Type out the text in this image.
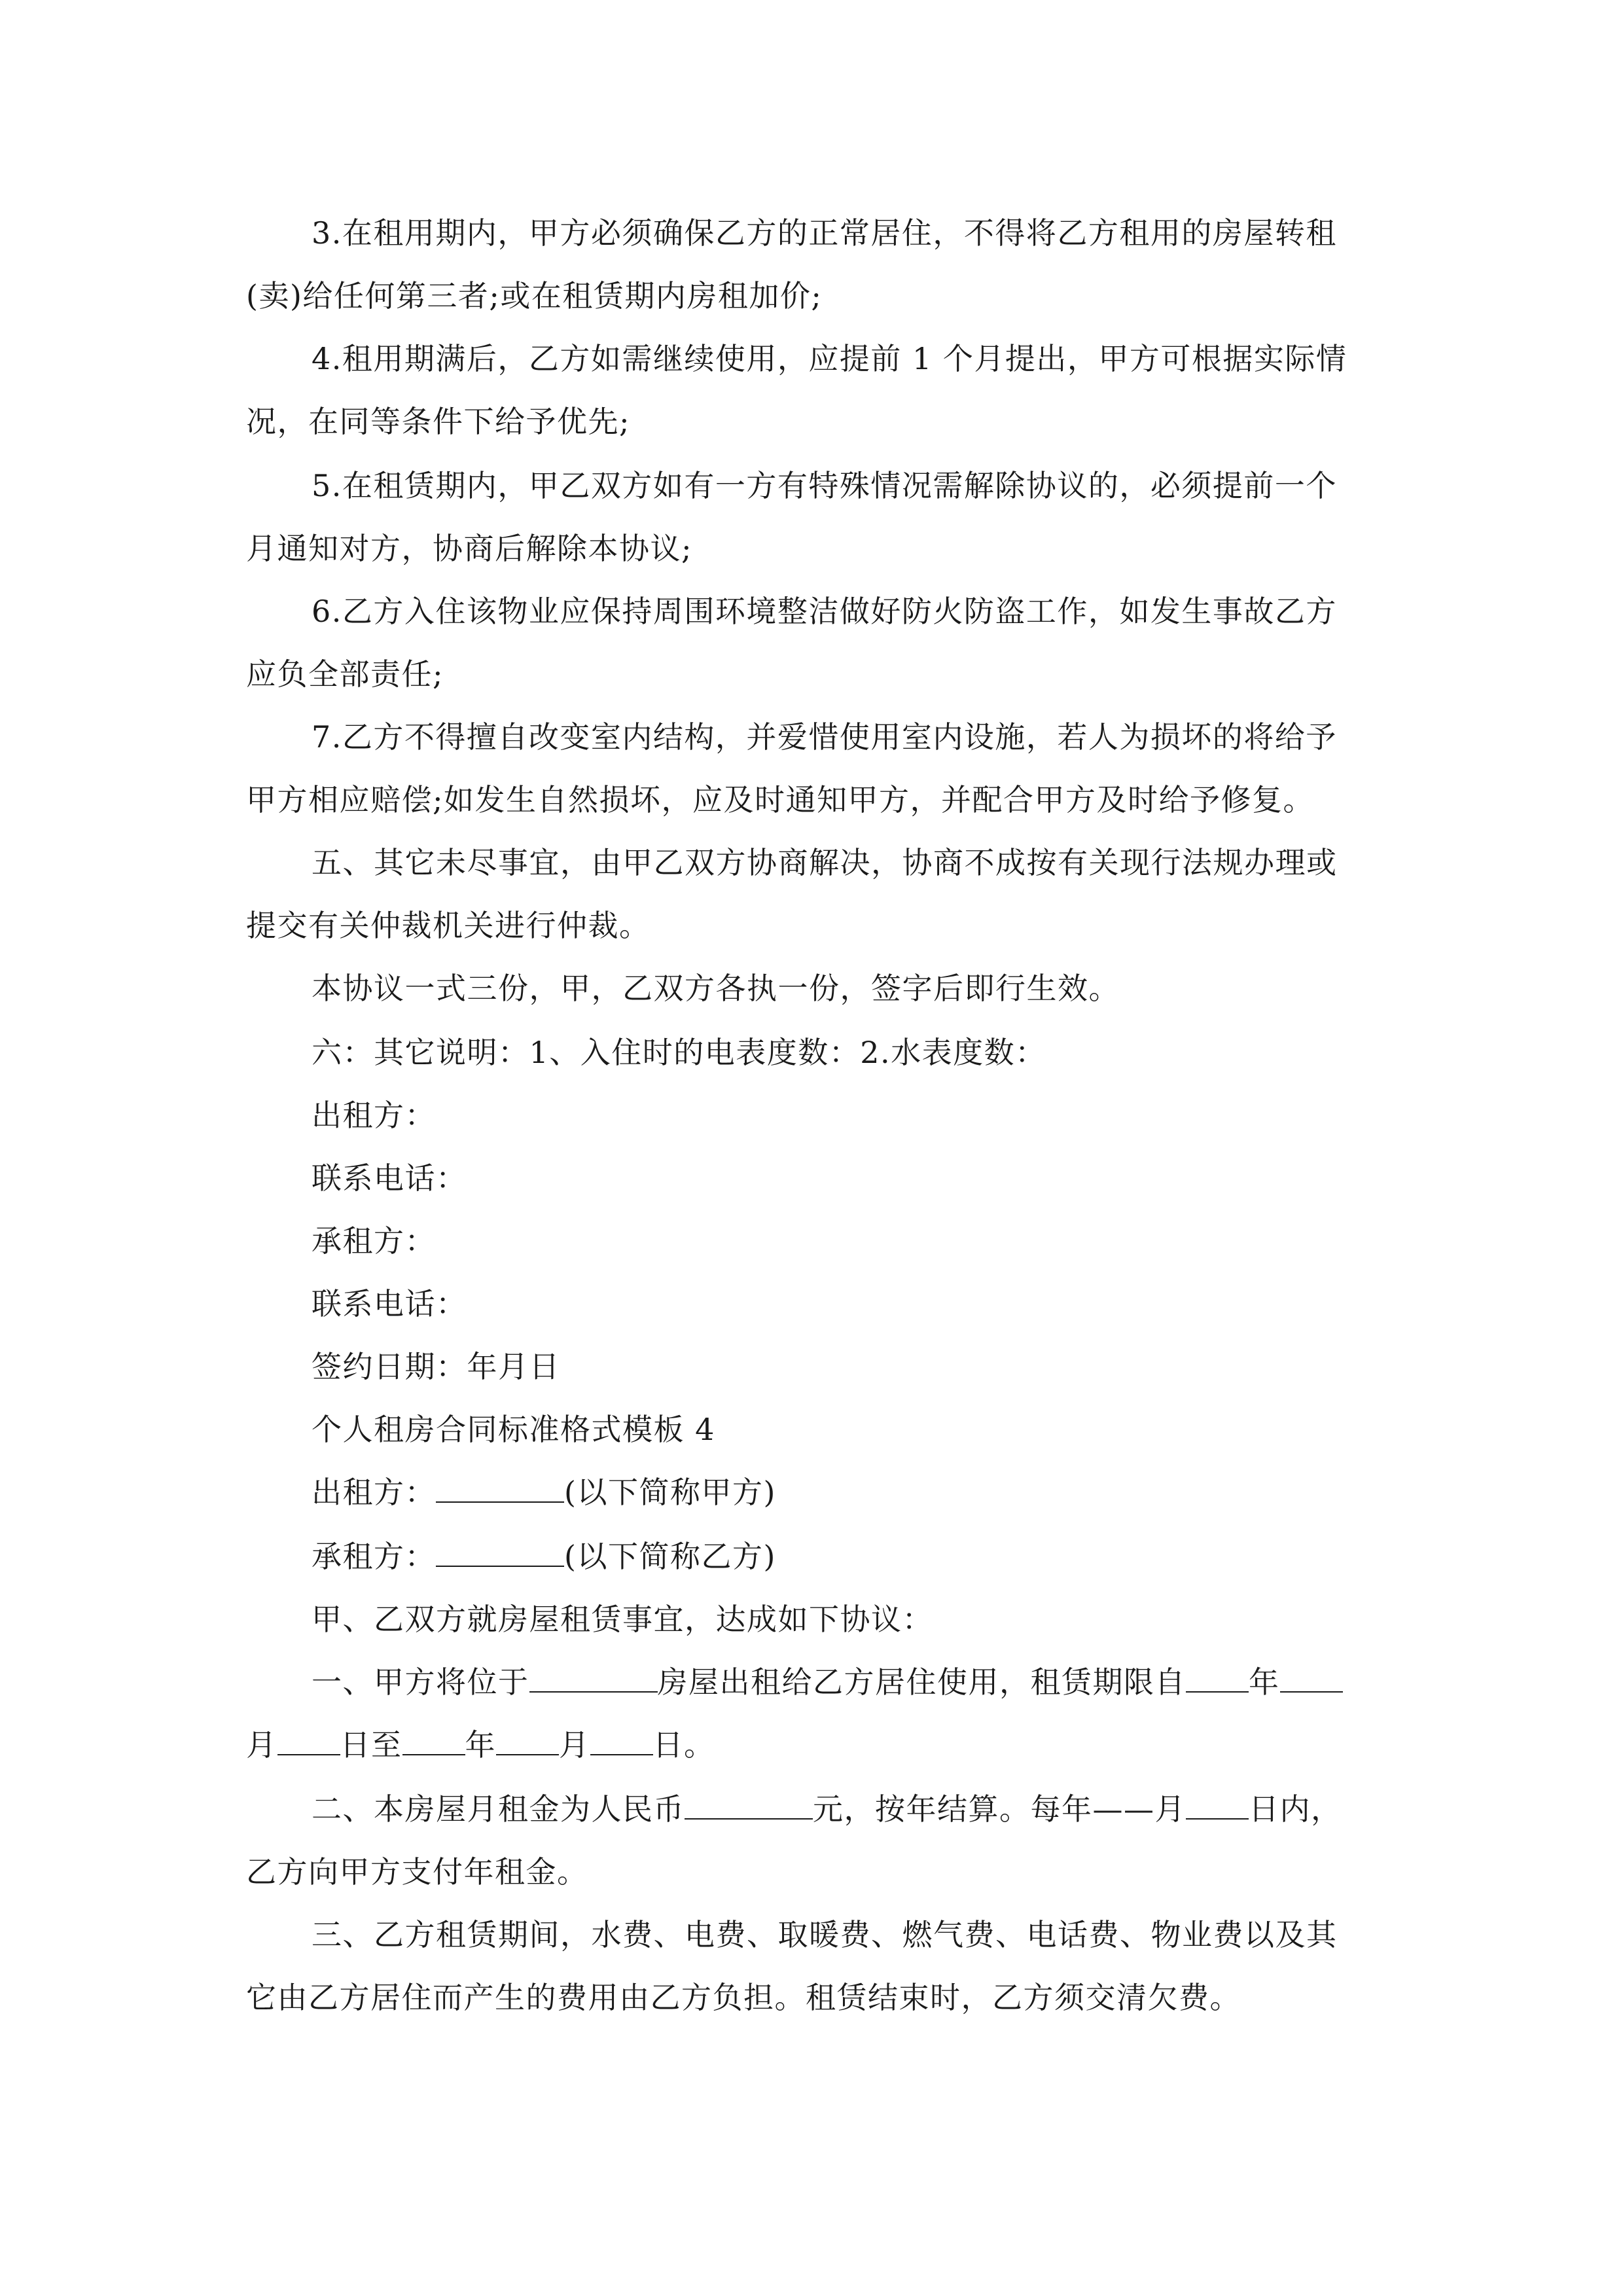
3.在租用期内，甲方必须确保乙方的正常居住，不得将乙方租用的房屋转租
(卖)给任何第三者;或在租赁期内房租加价;
4.租用期满后，乙方如需继续使用，应提前 1 个月提出，甲方可根据实际情
况，在同等条件下给予优先;
5.在租赁期内，甲乙双方如有一方有特殊情况需解除协议的，必须提前一个
月通知对方，协商后解除本协议;
6.乙方入住该物业应保持周围环境整洁做好防火防盗工作，如发生事故乙方
应负全部责任;
7.乙方不得擅自改变室内结构，并爱惜使用室内设施，若人为损坏的将给予
甲方相应赔偿;如发生自然损坏，应及时通知甲方，并配合甲方及时给予修复。
五、其它未尽事宜，由甲乙双方协商解决，协商不成按有关现行法规办理或
提交有关仲裁机关进行仲裁。
本协议一式三份，甲，乙双方各执一份，签字后即行生效。
六：其它说明：1、入住时的电表度数：2.水表度数：
出租方：
联系电话：
承租方：
联系电话：
签约日期：年月日
个人租房合同标准格式模板 4
出租方：	(以下简称甲方)
承租方：	(以下简称乙方)
甲、乙双方就房屋租赁事宜，达成如下协议：
一、甲方将位于	房屋出租给乙方居住使用，租赁期限自 年
月 日至 年 月 日。
二、本房屋月租金为人民币	元，按年结算。每年——月 日内，
乙方向甲方支付年租金。
三、乙方租赁期间，水费、电费、取暖费、燃气费、电话费、物业费以及其
它由乙方居住而产生的费用由乙方负担。租赁结束时，乙方须交清欠费。
